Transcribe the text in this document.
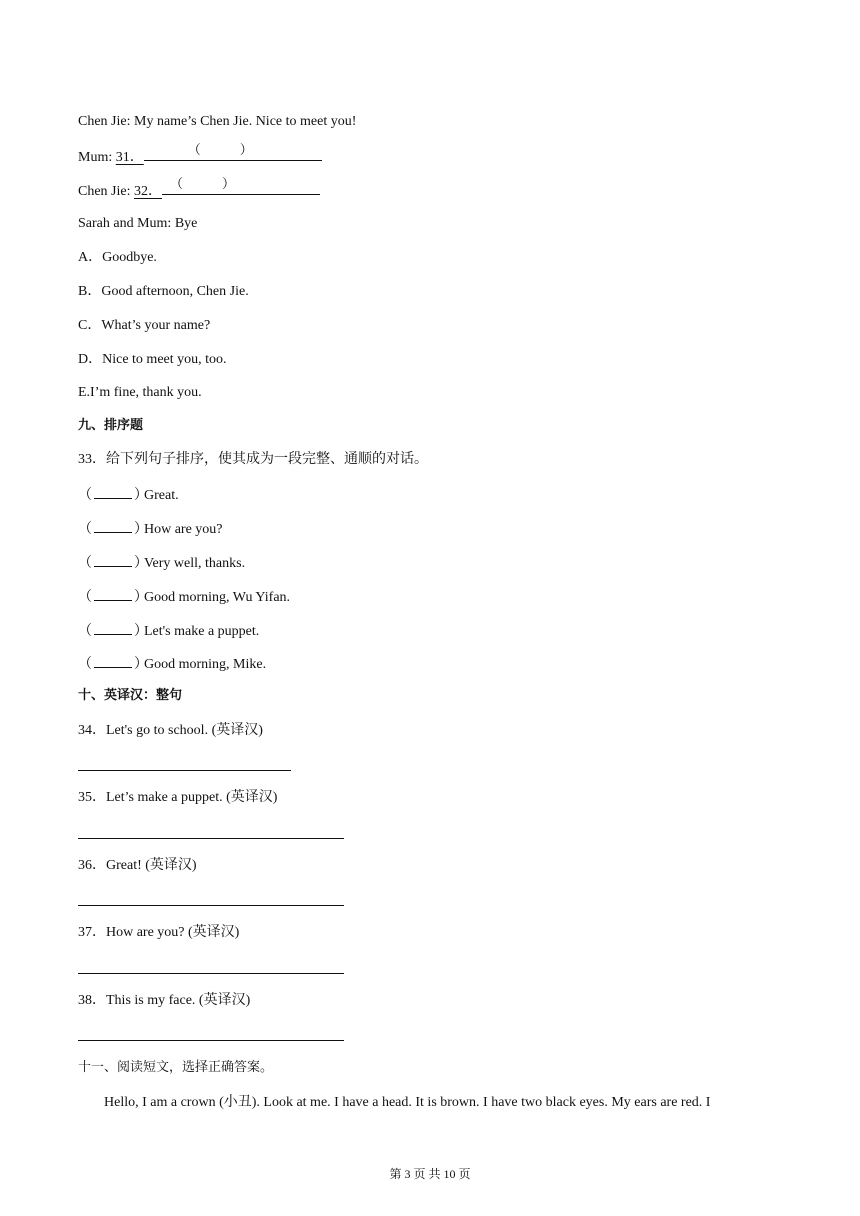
Chen Jie: My name’s Chen Jie. Nice to meet you!
Mum: 31．
（　　　）
Chen Jie: 32．
（　　　）
Sarah and Mum: Bye
A．Goodbye.
B．Good afternoon, Chen Jie.
C．What’s your name?
D．Nice to meet you, too.
E.I’m fine, thank you.
九、排序题
33．给下列句子排序，使其成为一段完整、通顺的对话。
（	）Great.
（	）How are you?
（	）Very well, thanks.
（	）Good morning, Wu Yifan.
（	）Let's make a puppet.
（	）Good morning, Mike.
十、英译汉：整句
34．Let's go to school. (英译汉)
35．Let’s make a puppet. (英译汉)
36．Great! (英译汉)
37．How are you? (英译汉)
38．This is my face. (英译汉)
十一、阅读短文，选择正确答案。
Hello, I am a crown (小丑). Look at me. I have a head. It is brown. I have two black eyes. My ears are red. I
第 3 页 共 10 页
